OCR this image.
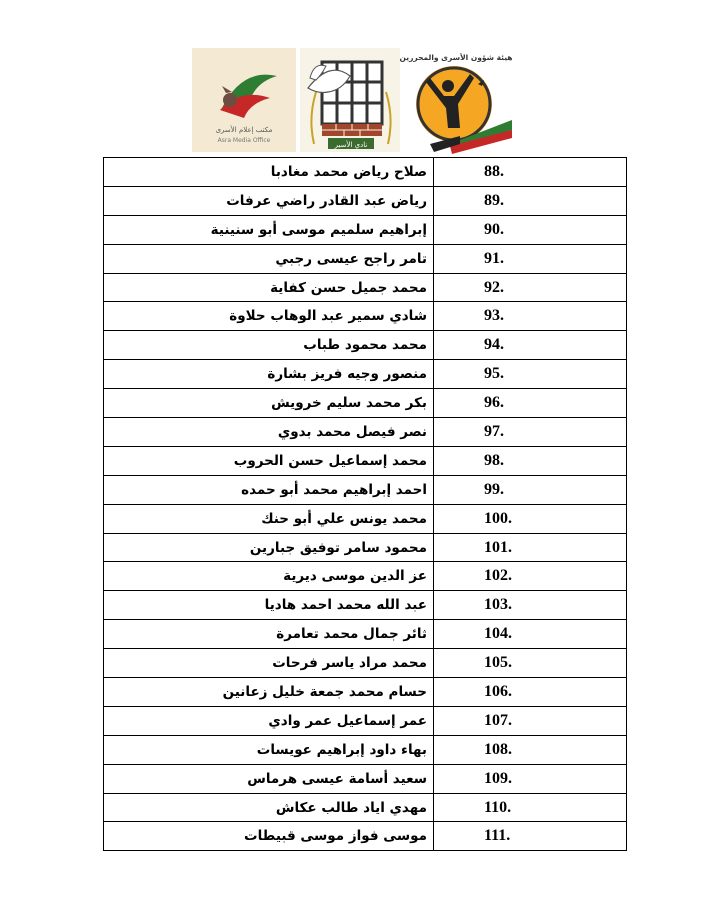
مكتب إعلام الأسرى
Asra Media Office
نادي الأسير
هيئة شؤون الأسرى والمحررين
صلاح رياض محمد مغادبا	88.
رياض عبد القادر راضي عرفات	89.
إبراهيم سلميم موسى أبو سنينية	90.
تامر راجح عيسى رجبي	91.
محمد جميل حسن كفاية	92.
شادي سمير عبد الوهاب حلاوة	93.
محمد محمود طباب	94.
منصور وجيه فريز بشارة	95.
بكر محمد سليم خرويش	96.
نصر فيصل محمد بدوي	97.
محمد إسماعيل حسن الحروب	98.
احمد إبراهيم محمد أبو حمده	99.
محمد يونس علي أبو حنك	100.
محمود سامر توفيق جبارين	101.
عز الدين موسى ديرية	102.
عبد الله محمد احمد هاديا	103.
ثائر جمال محمد تعامرة	104.
محمد مراد ياسر فرحات	105.
حسام محمد جمعة خليل زعانين	106.
عمر إسماعيل عمر وادي	107.
بهاء داود إبراهيم عويسات	108.
سعيد أسامة عيسى هرماس	109.
مهدي اياد طالب عكاش	110.
موسى فواز موسى قبيطات	111.
